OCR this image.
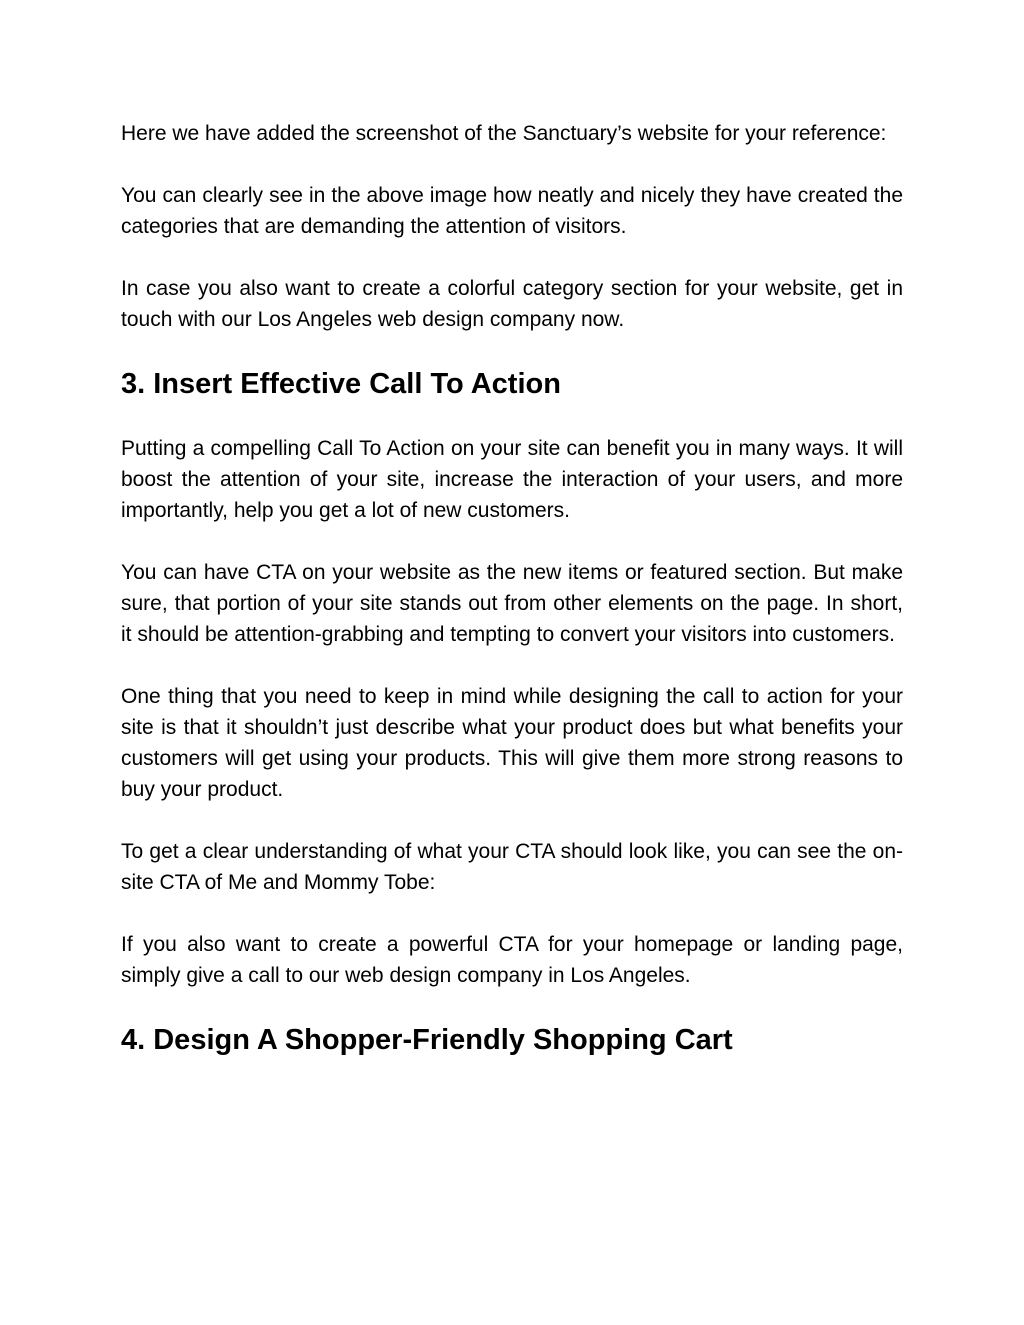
Here we have added the screenshot of the Sanctuary’s website for your reference:

You can clearly see in the above image how neatly and nicely they have created the categories that are demanding the attention of visitors.

In case you also want to create a colorful category section for your website, get in touch with our Los Angeles web design company now.

3. Insert Effective Call To Action

Putting a compelling Call To Action on your site can benefit you in many ways. It will boost the attention of your site, increase the interaction of your users, and more importantly, help you get a lot of new customers.

You can have CTA on your website as the new items or featured section. But make sure, that portion of your site stands out from other elements on the page. In short, it should be attention-grabbing and tempting to convert your visitors into customers.

One thing that you need to keep in mind while designing the call to action for your site is that it shouldn’t just describe what your product does but what benefits your customers will get using your products. This will give them more strong reasons to buy your product.

To get a clear understanding of what your CTA should look like, you can see the on-site CTA of Me and Mommy Tobe:

If you also want to create a powerful CTA for your homepage or landing page, simply give a call to our web design company in Los Angeles.

4. Design A Shopper-Friendly Shopping Cart
